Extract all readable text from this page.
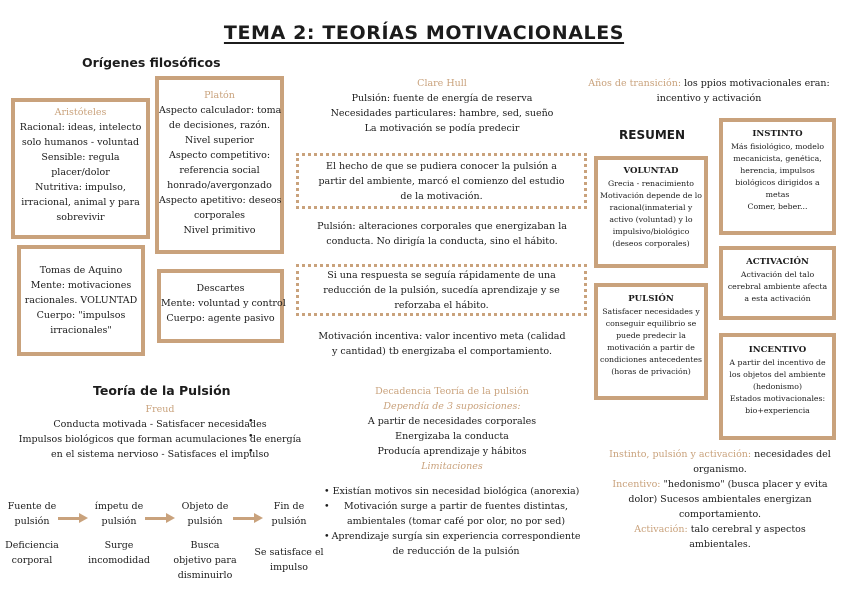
TEMA 2: TEORÍAS MOTIVACIONALES
Orígenes filosóficos
Aristóteles
Racional: ideas, intelecto
solo humanos - voluntad
Sensible: regula
placer/dolor
Nutritiva: impulso,
irracional, animal y para
sobrevivir
Platón
Aspecto calculador: toma
de decisiones, razón.
Nivel superior
Aspecto competitivo:
referencia social
honrado/avergonzado
Aspecto apetitivo: deseos
corporales
Nivel primitivo
Tomas de Aquino
Mente: motivaciones
racionales. VOLUNTAD
Cuerpo: "impulsos
irracionales"
Descartes
Mente: voluntad y control
Cuerpo: agente pasivo
Clare Hull
Pulsión: fuente de energía de reserva
Necesidades particulares: hambre, sed, sueño
La motivación se podía predecir
El hecho de que se pudiera conocer la pulsión a
partir del ambiente, marcó el comienzo del estudio
de la motivación.
Pulsión: alteraciones corporales que energizaban la
conducta. No dirigía la conducta, sino el hábito.
Si una respuesta se seguía rápidamente de una
reducción de la pulsión, sucedía aprendizaje y se
reforzaba el hábito.
Motivación incentiva: valor incentivo meta (calidad
y cantidad) tb energizaba el comportamiento.
Años de transición: los ppios motivacionales eran:
incentivo y activación
RESUMEN
VOLUNTAD
Grecia - renacimiento
Motivación depende de lo
racional(inmaterial y
activo (voluntad) y lo
impulsivo/biológico
(deseos corporales)
INSTINTO
Más fisiológico, modelo
mecanicista, genética,
herencia, impulsos
biológicos dirigidos a
metas
Comer, beber...
PULSIÓN
Satisfacer necesidades y
conseguir equilibrio se
puede predecir la
motivación a partir de
condiciones antecedentes
(horas de privación)
ACTIVACIÓN
Activación del talo
cerebral ambiente afecta
a esta activación
INCENTIVO
A partir del incentivo de
los objetos del ambiente
(hedonismo)
Estados motivacionales:
bio+experiencia
Teoría de la Pulsión
Freud
Conducta motivada - Satisfacer necesidades
Impulsos biológicos que forman acumulaciones de energía
en el sistema nervioso - Satisfaces el impulso
Fuente de
pulsión
ímpetu de
pulsión
Objeto de
pulsión
Fin de
pulsión
Deficiencia
corporal
Surge
incomodidad
Busca
objetivo para
disminuirlo
Se satisface el
impulso
Decadencia Teoría de la pulsión
Dependía de 3 suposiciones:
• A partir de necesidades corporales
• Energizaba la conducta
• Producía aprendizaje y hábitos
Limitaciones
• Existían motivos sin necesidad biológica (anorexia)
•	Motivación surge a partir de fuentes distintas,
ambientales (tomar café por olor, no por sed)
• Aprendizaje surgía sin experiencia correspondiente
de reducción de la pulsión
Instinto, pulsión y activación: necesidades del
organismo.
Incentivo: "hedonismo" (busca placer y evita
dolor) Sucesos ambientales energizan
comportamiento.
Activación: talo cerebral y aspectos
ambientales.
